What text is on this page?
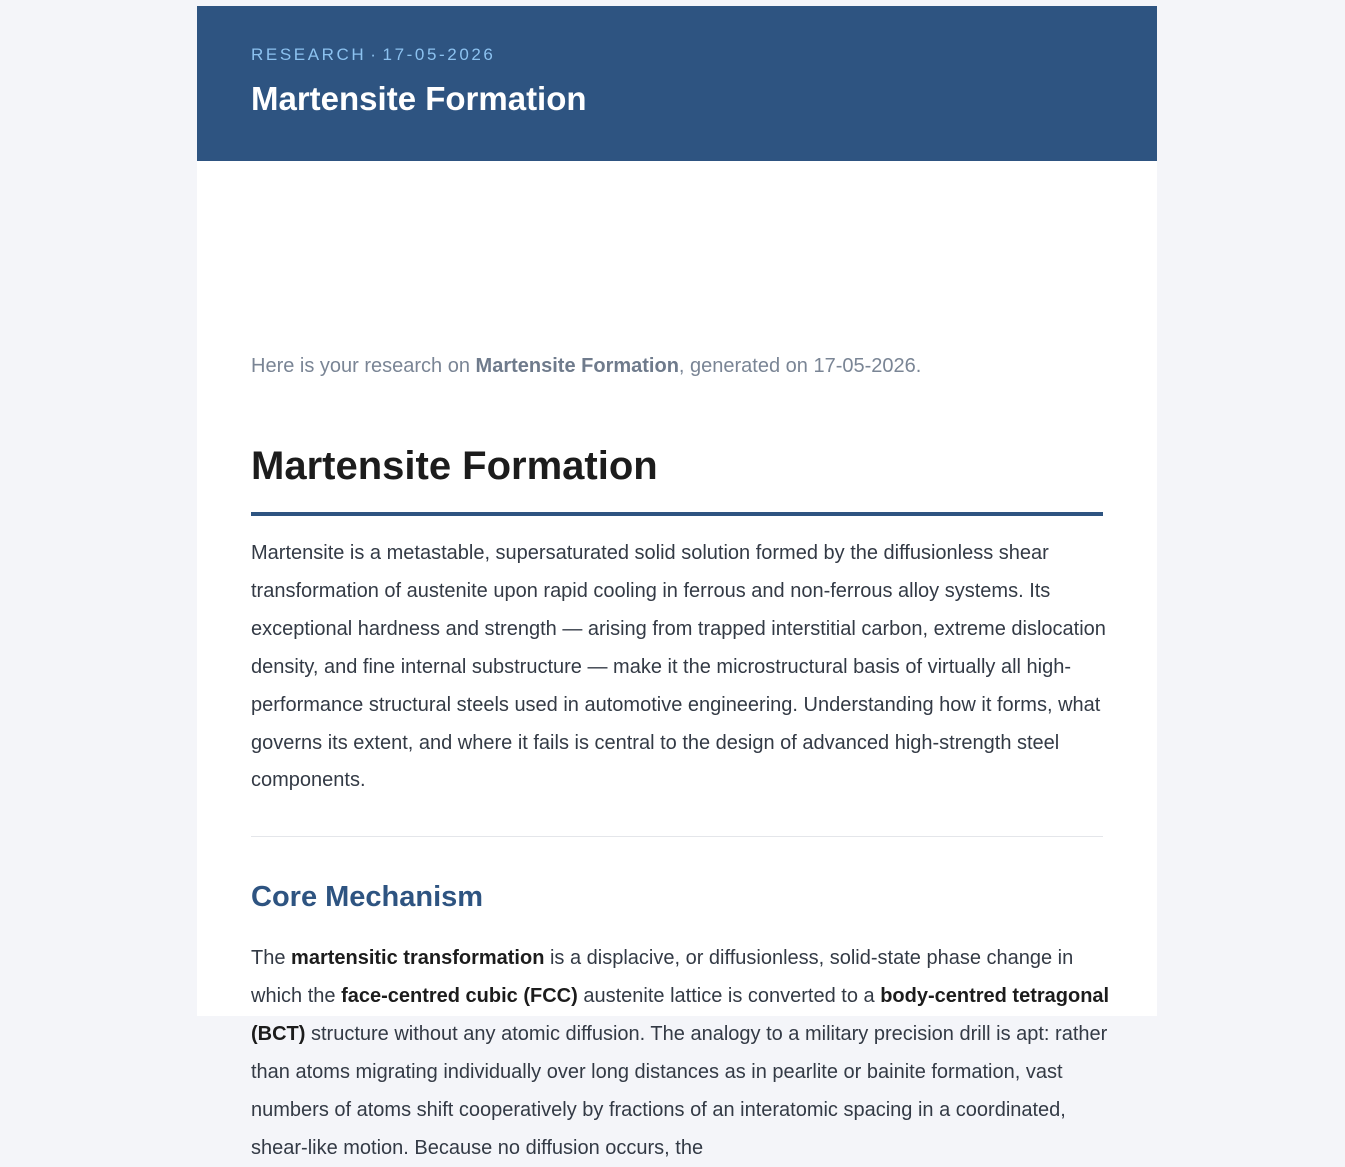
RESEARCH · 17-05-2026
Martensite Formation

Here is your research on Martensite Formation, generated on 17-05-2026.

Martensite Formation

Martensite is a metastable, supersaturated solid solution formed by the diffusionless shear transformation of austenite upon rapid cooling in ferrous and non-ferrous alloy systems. Its exceptional hardness and strength — arising from trapped interstitial carbon, extreme dislocation density, and fine internal substructure — make it the microstructural basis of virtually all high-performance structural steels used in automotive engineering. Understanding how it forms, what governs its extent, and where it fails is central to the design of advanced high-strength steel components.

Core Mechanism

The martensitic transformation is a displacive, or diffusionless, solid-state phase change in which the face-centred cubic (FCC) austenite lattice is converted to a body-centred tetragonal (BCT) structure without any atomic diffusion. The analogy to a military precision drill is apt: rather than atoms migrating individually over long distances as in pearlite or bainite formation, vast numbers of atoms shift cooperatively by fractions of an interatomic spacing in a coordinated, shear-like motion. Because no diffusion occurs, the
